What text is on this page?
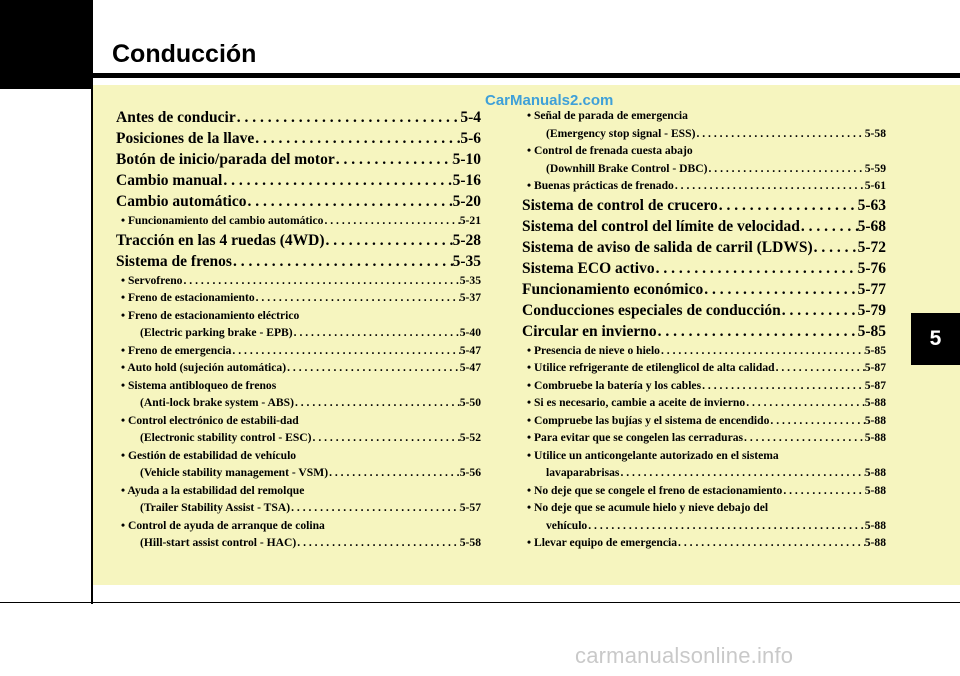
Conducción
5
CarManuals2.com
carmanualsonline.info
Antes de conducir . . .	5-4
Posiciones de la llave . . .	5-6
Botón de inicio/parada del motor . . .	5-10
Cambio manual . . .	5-16
Cambio automático . . .	5-20
• Funcionamiento del cambio automático . . .	5-21
Tracción en las 4 ruedas (4WD) . . .	5-28
Sistema de frenos . . .	5-35
• Servofreno . . .	5-35
• Freno de estacionamiento . . .	5-37
• Freno de estacionamiento eléctrico
(Electric parking brake - EPB) . . .	5-40
• Freno de emergencia . . .	5-47
• Auto hold (sujeción automática) . . .	5-47
• Sistema antibloqueo de frenos
(Anti-lock brake system - ABS) . . .	5-50
• Control electrónico de estabili-dad
(Electronic stability control - ESC) . . .	5-52
• Gestión de estabilidad de vehículo
(Vehicle stability management - VSM) . . .	5-56
• Ayuda a la estabilidad del remolque
(Trailer Stability Assist - TSA) . . .	5-57
• Control de ayuda de arranque de colina
(Hill-start assist control - HAC) . . .	5-58
• Señal de parada de emergencia
(Emergency stop signal - ESS) . . .	5-58
• Control de frenada cuesta abajo
(Downhill Brake Control - DBC) . . .	5-59
• Buenas prácticas de frenado . . .	5-61
Sistema de control de crucero . . .	5-63
Sistema del control del límite de velocidad . . .	5-68
Sistema de aviso de salida de carril (LDWS) . . .	5-72
Sistema ECO activo . . .	5-76
Funcionamiento económico . . .	5-77
Conducciones especiales de conducción . . .	5-79
Circular en invierno . . .	5-85
• Presencia de nieve o hielo . . .	5-85
• Utilice refrigerante de etilenglicol de alta calidad . . .	5-87
• Combruebe la batería y los cables . . .	5-87
• Si es necesario, cambie a aceite de invierno . . .	5-88
• Compruebe las bujías y el sistema de encendido . . .	5-88
• Para evitar que se congelen las cerraduras . . .	5-88
• Utilice un anticongelante autorizado en el sistema
lavaparabrisas . . .	5-88
• No deje que se congele el freno de estacionamiento . . .	5-88
• No deje que se acumule hielo y nieve debajo del
vehículo . . .	5-88
• Llevar equipo de emergencia . . .	5-88
